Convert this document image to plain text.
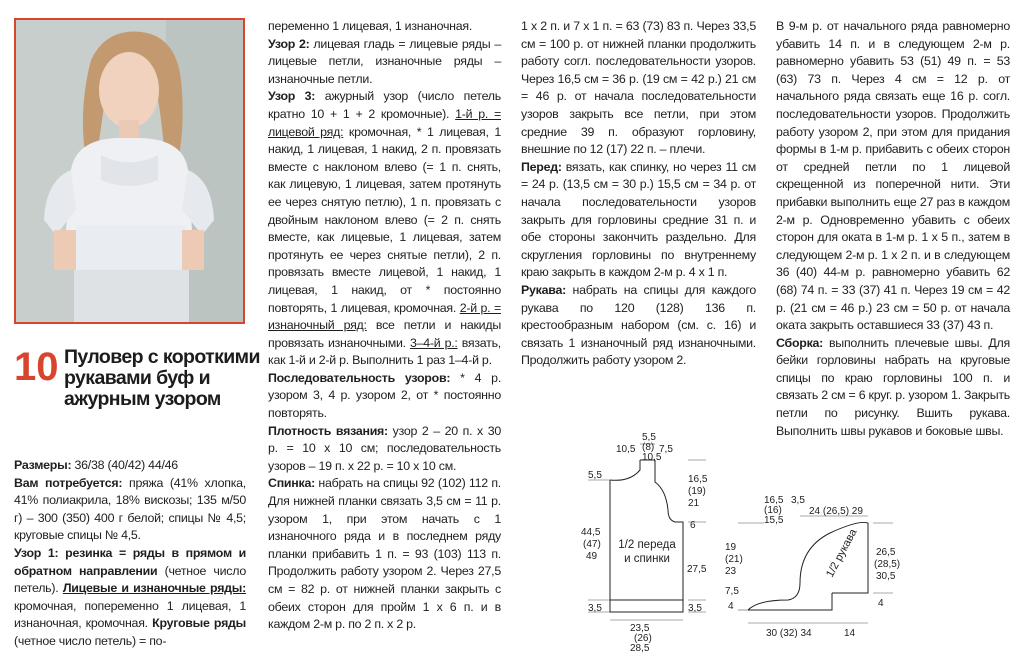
10 Пуловер с короткими рукавами буф и ажурным узором

Размеры: 36/38 (40/42) 44/46

Вам потребуется: пряжа (41% хлопка, 41% полиакрила, 18% вискозы; 135 м/50 г) – 300 (350) 400 г белой; спицы № 4,5; круговые спицы № 4,5.

Узор 1: резинка = ряды в прямом и обратном направлении (четное число петель). Лицевые и изнаночные ряды: кромочная, попеременно 1 лицевая, 1 изнаночная, кромочная. Круговые ряды (четное число петель) = по-

переменно 1 лицевая, 1 изнаночная.

Узор 2: лицевая гладь = лицевые ряды – лицевые петли, изнаночные ряды – изнаночные петли.

Узор 3: ажурный узор (число петель кратно 10 + 1 + 2 кромочные). 1-й р. = лицевой ряд: кромочная, * 1 лицевая, 1 накид, 1 лицевая, 1 накид, 2 п. провязать вместе с наклоном влево (= 1 п. снять, как лицевую, 1 лицевая, затем протянуть ее через снятую петлю), 1 п. провязать с двойным наклоном влево (= 2 п. снять вместе, как лицевые, 1 лицевая, затем протянуть ее через снятые петли), 2 п. провязать вместе лицевой, 1 накид, 1 лицевая, 1 накид, от * постоянно повторять, 1 лицевая, кромочная. 2-й р. = изнаночный ряд: все петли и накиды провязать изнаночными. 3–4-й р.: вязать, как 1-й и 2-й р. Выполнить 1 раз 1–4-й р.

Последовательность узоров: * 4 р. узором 3, 4 р. узором 2, от * постоянно повторять.

Плотность вязания: узор 2 – 20 п. х 30 р. = 10 х 10 см; последовательность узоров – 19 п. х 22 р. = 10 х 10 см.

Спинка: набрать на спицы 92 (102) 112 п. Для нижней планки связать 3,5 см = 11 р. узором 1, при этом начать с 1 изнаночного ряда и в последнем ряду планки прибавить 1 п. = 93 (103) 113 п. Продолжить работу узором 2. Через 27,5 см = 82 р. от нижней планки закрыть с обеих сторон для пройм 1 х 6 п. и в каждом 2-м р. по 2 п. х 2 р.

1 х 2 п. и 7 х 1 п. = 63 (73) 83 п. Через 33,5 см = 100 р. от нижней планки продолжить работу согл. последовательности узоров. Через 16,5 см = 36 р. (19 см = 42 р.) 21 см = 46 р. от начала последовательности узоров закрыть все петли, при этом средние 39 п. образуют горловину, внешние по 12 (17) 22 п. – плечи.

Перед: вязать, как спинку, но через 11 см = 24 р. (13,5 см = 30 р.) 15,5 см = 34 р. от начала последовательности узоров закрыть для горловины средние 31 п. и обе стороны закончить раздельно. Для скругления горловины по внутреннему краю закрыть в каждом 2-м р. 4 х 1 п.

Рукава: набрать на спицы для каждого рукава по 120 (128) 136 п. крестообразным набором (см. с. 16) и связать 1 изнаночный ряд изнаночными. Продолжить работу узором 2.

В 9-м р. от начального ряда равномерно убавить 14 п. и в следующем 2-м р. равномерно убавить 53 (51) 49 п. = 53 (63) 73 п. Через 4 см = 12 р. от начального ряда связать еще 16 р. согл. последовательности узоров. Продолжить работу узором 2, при этом для придания формы в 1-м р. прибавить с обеих сторон от средней петли по 1 лицевой скрещенной из поперечной нити. Эти прибавки выполнить еще 27 раз в каждом 2-м р. Одновременно убавить с обеих сторон для оката в 1-м р. 1 х 5 п., затем в следующем 2-м р. 1 х 2 п. и в следующем 36 (40) 44-м р. равномерно убавить 62 (68) 74 п. = 33 (37) 41 п. Через 19 см = 42 р. (21 см = 46 р.) 23 см = 50 р. от начала оката закрыть оставшиеся 33 (37) 43 п.

Сборка: выполнить плечевые швы. Для бейки горловины набрать на круговые спицы по краю горловины 100 п. и связать 2 см = 6 круг. р. узором 1. Закрыть петли по рисунку. Вшить рукава. Выполнить швы рукавов и боковые швы.

5,5
(8)
10,5
10,5 7,5
5,5	16,5
(19)
21
6
44,5
(47)
49
27,5
3,5	3,5
23,5
(26)
28,5
1/2 переда и спинки
16,5
(16)
15,5
3,5
24 (26,5) 29
19
(21)
23
7,5
4
26,5
(28,5)
30,5
4
30 (32) 34	14
1/2 рукава
